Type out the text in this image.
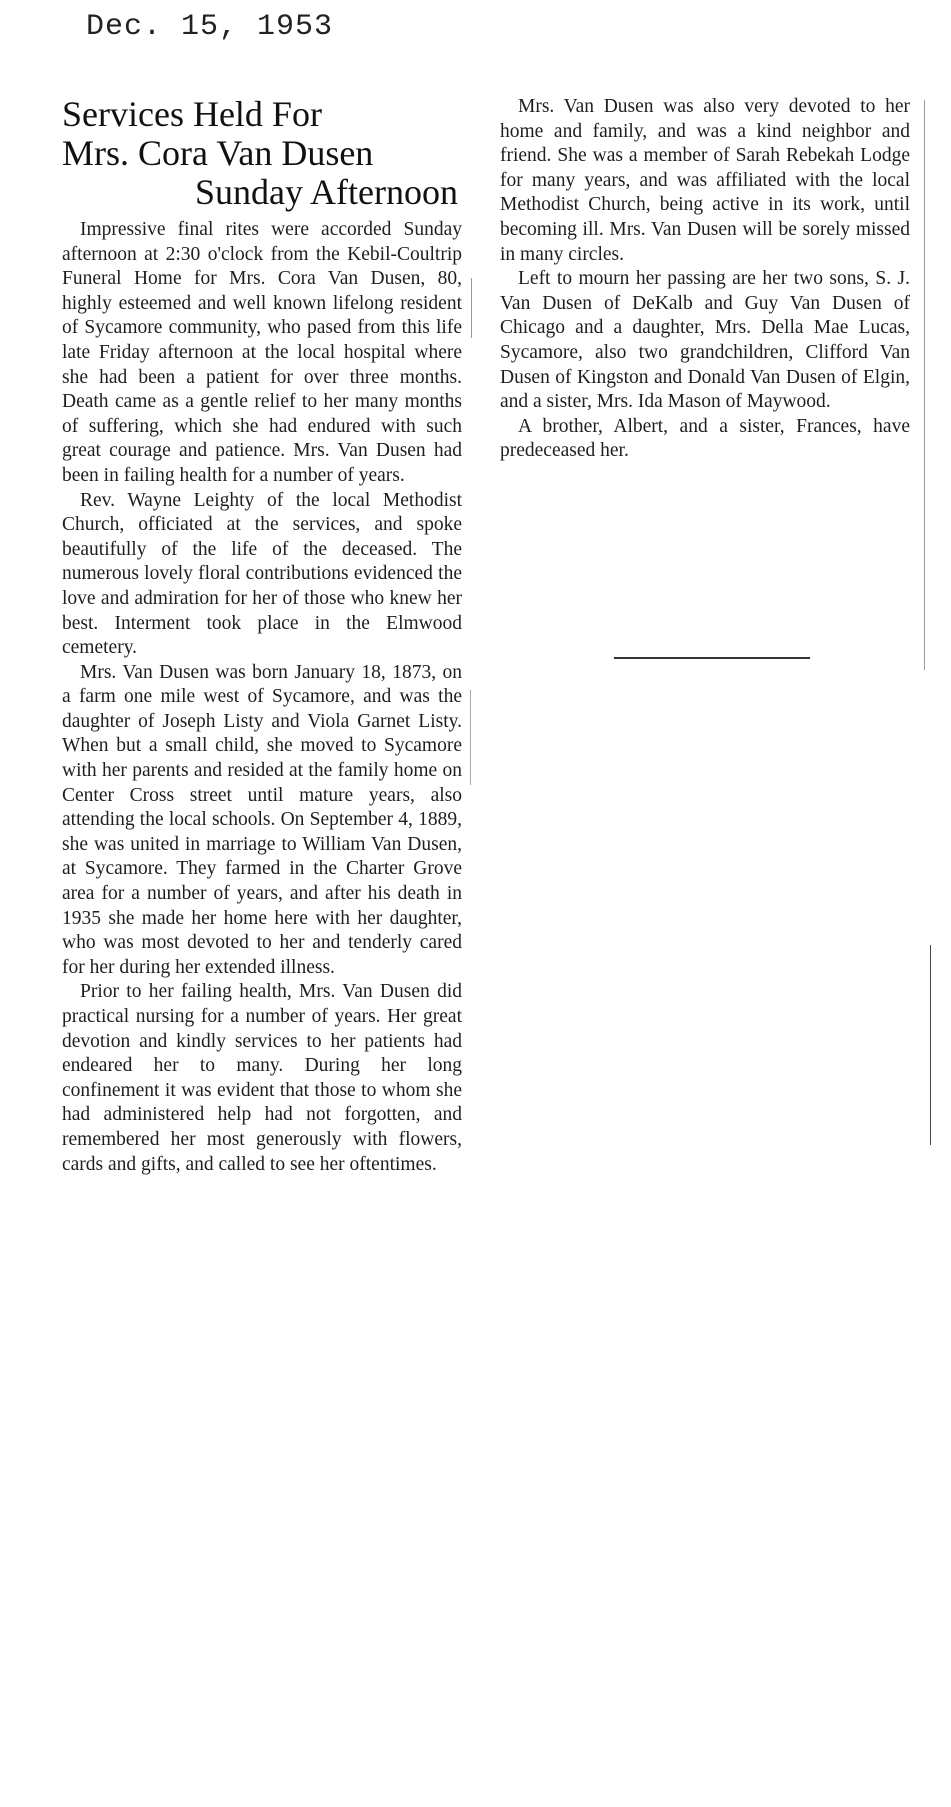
Dec. 15, 1953
Services Held For
Mrs. Cora Van Dusen
Sunday Afternoon

Impressive final rites were accorded Sunday afternoon at 2:30 o'clock from the Kebil-Coultrip Funeral Home for Mrs. Cora Van Dusen, 80, highly esteemed and well known lifelong resident of Sycamore community, who pased from this life late Friday afternoon at the local hospital where she had been a patient for over three months. Death came as a gentle relief to her many months of suffering, which she had endured with such great courage and patience. Mrs. Van Dusen had been in failing health for a number of years.

Rev. Wayne Leighty of the local Methodist Church, officiated at the services, and spoke beautifully of the life of the deceased. The numerous lovely floral contributions evidenced the love and admiration for her of those who knew her best. Interment took place in the Elmwood cemetery.

Mrs. Van Dusen was born January 18, 1873, on a farm one mile west of Sycamore, and was the daughter of Joseph Listy and Viola Garnet Listy. When but a small child, she moved to Sycamore with her parents and resided at the family home on Center Cross street until mature years, also attending the local schools. On September 4, 1889, she was united in marriage to William Van Dusen, at Sycamore. They farmed in the Charter Grove area for a number of years, and after his death in 1935 she made her home here with her daughter, who was most devoted to her and tenderly cared for her during her extended illness.

Prior to her failing health, Mrs. Van Dusen did practical nursing for a number of years. Her great devotion and kindly services to her patients had endeared her to many. During her long confinement it was evident that those to whom she had administered help had not forgotten, and remembered her most generously with flowers, cards and gifts, and called to see her oftentimes.

Mrs. Van Dusen was also very devoted to her home and family, and was a kind neighbor and friend. She was a member of Sarah Rebekah Lodge for many years, and was affiliated with the local Methodist Church, being active in its work, until becoming ill. Mrs. Van Dusen will be sorely missed in many circles.

Left to mourn her passing are her two sons, S. J. Van Dusen of DeKalb and Guy Van Dusen of Chicago and a daughter, Mrs. Della Mae Lucas, Sycamore, also two grandchildren, Clifford Van Dusen of Kingston and Donald Van Dusen of Elgin, and a sister, Mrs. Ida Mason of Maywood.

A brother, Albert, and a sister, Frances, have predeceased her.
